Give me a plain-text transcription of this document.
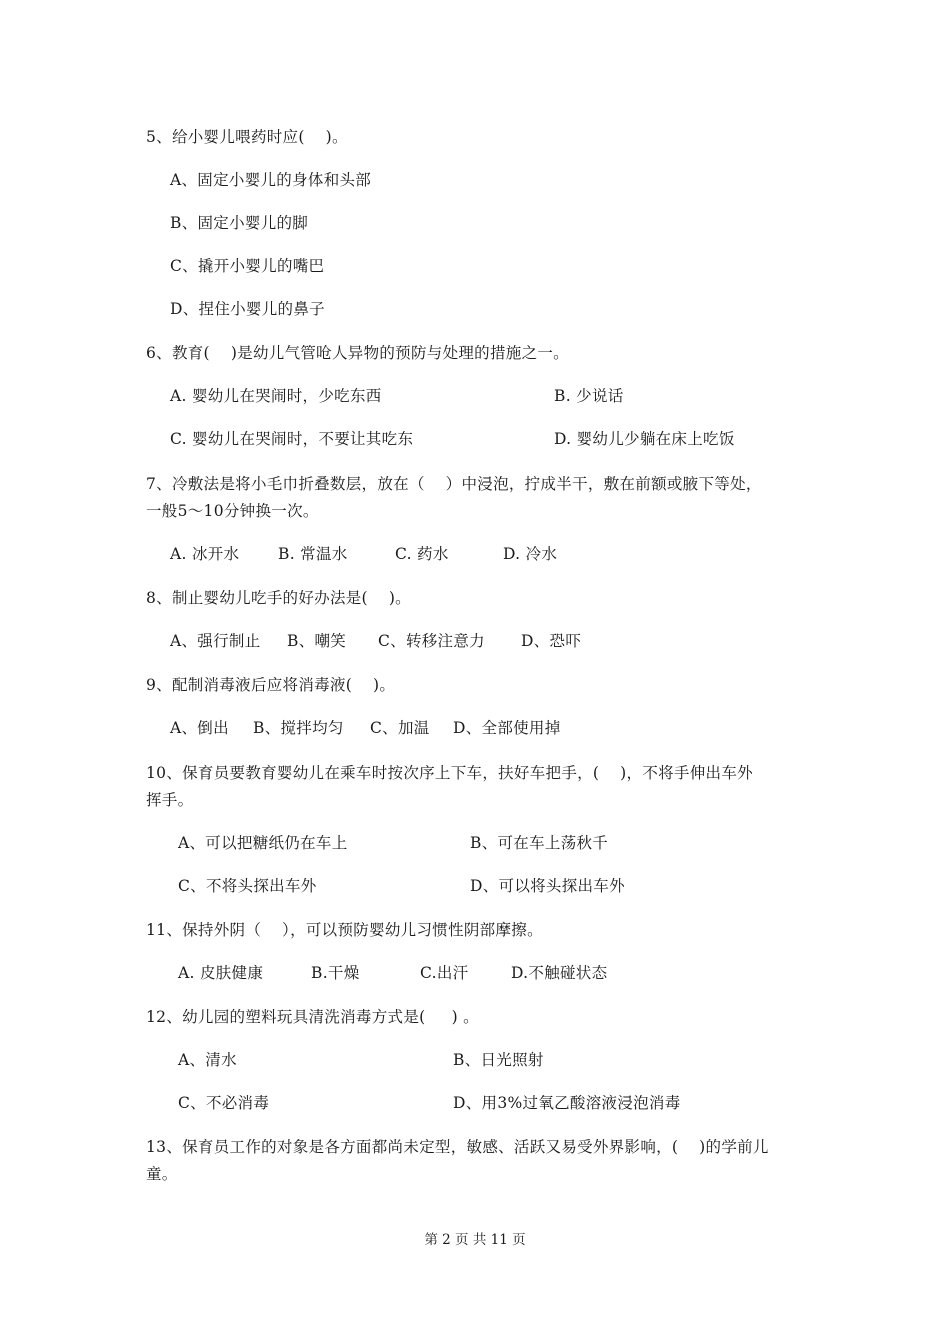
5、给小婴儿喂药时应(    )。
A、固定小婴儿的身体和头部
B、固定小婴儿的脚
C、撬开小婴儿的嘴巴
D、捏住小婴儿的鼻子
6、教育(    )是幼儿气管呛人异物的预防与处理的措施之一。
A. 婴幼儿在哭闹时，少吃东西	B. 少说话
C. 婴幼儿在哭闹时，不要让其吃东	D. 婴幼儿少躺在床上吃饭
7、冷敷法是将小毛巾折叠数层，放在（    ）中浸泡，拧成半干，敷在前额或腋下等处，
一般5～10分钟换一次。
A. 冰开水 B. 常温水	C. 药水	D. 冷水
8、制止婴幼儿吃手的好办法是(    )。
A、强行制止 B、嘲笑 C、转移注意力 D、恐吓
9、配制消毒液后应将消毒液(    )。
A、倒出 B、搅拌均匀 C、加温 D、全部使用掉
10、保育员要教育婴幼儿在乘车时按次序上下车，扶好车把手，(    )，不将手伸出车外
挥手。
A、可以把糖纸仍在车上	B、可在车上荡秋千
C、不将头探出车外	D、可以将头探出车外
11、保持外阴（    ），可以预防婴幼儿习惯性阴部摩擦。
A. 皮肤健康	B.干燥	C.出汗	D.不触碰状态
12、幼儿园的塑料玩具清洗消毒方式是(     ) 。
A、清水	B、日光照射
C、不必消毒	D、用3%过氧乙酸溶液浸泡消毒
13、保育员工作的对象是各方面都尚未定型，敏感、活跃又易受外界影响，(    )的学前儿
童。
第 2 页 共 11 页
